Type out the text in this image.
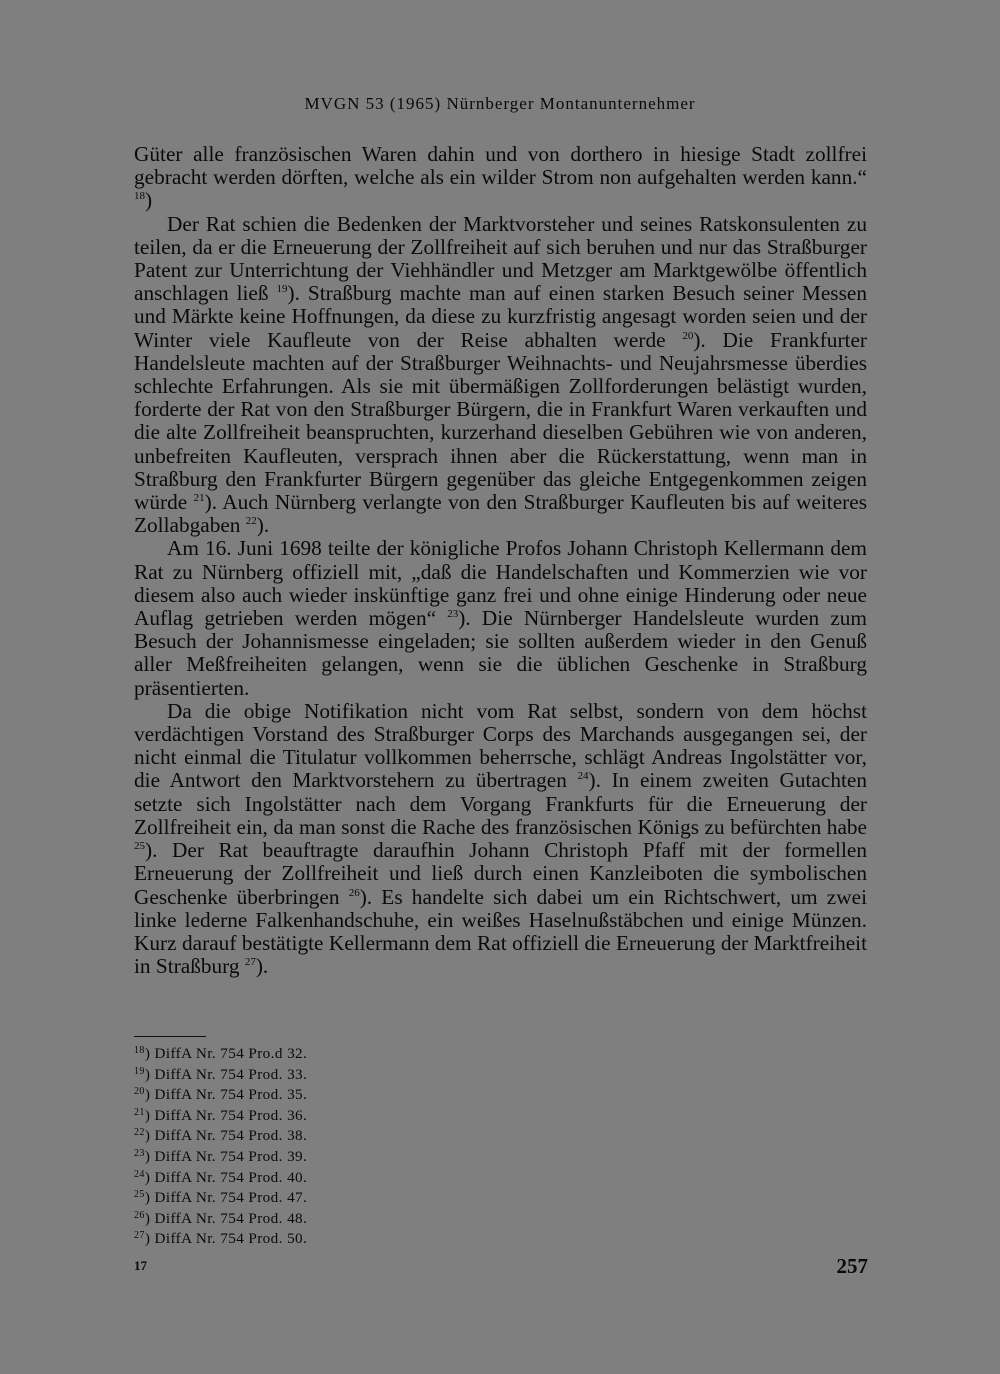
MVGN 53 (1965) Nürnberger Montanunternehmer

Güter alle französischen Waren dahin und von dorthero in hiesige Stadt zollfrei gebracht werden dörften, welche als ein wilder Strom non aufgehalten werden kann.“ $^{18}$)

Der Rat schien die Bedenken der Marktvorsteher und seines Ratskonsulenten zu teilen, da er die Erneuerung der Zollfreiheit auf sich beruhen und nur das Straßburger Patent zur Unterrichtung der Viehhändler und Metzger am Marktgewölbe öffentlich anschlagen ließ $^{19}$). Straßburg machte man auf einen starken Besuch seiner Messen und Märkte keine Hoffnungen, da diese zu kurzfristig angesagt worden seien und der Winter viele Kaufleute von der Reise abhalten werde $^{20}$). Die Frankfurter Handelsleute machten auf der Straßburger Weihnachts- und Neujahrsmesse überdies schlechte Erfahrungen. Als sie mit übermäßigen Zollforderungen belästigt wurden, forderte der Rat von den Straßburger Bürgern, die in Frankfurt Waren verkauften und die alte Zollfreiheit beanspruchten, kurzerhand dieselben Gebühren wie von anderen, unbefreiten Kaufleuten, versprach ihnen aber die Rückerstattung, wenn man in Straßburg den Frankfurter Bürgern gegenüber das gleiche Entgegenkommen zeigen würde $^{21}$). Auch Nürnberg verlangte von den Straßburger Kaufleuten bis auf weiteres Zollabgaben $^{22}$).

Am 16. Juni 1698 teilte der königliche Profos Johann Christoph Kellermann dem Rat zu Nürnberg offiziell mit, „daß die Handelschaften und Kommerzien wie vor diesem also auch wieder inskünftige ganz frei und ohne einige Hinderung oder neue Auflag getrieben werden mögen“ $^{23}$). Die Nürnberger Handelsleute wurden zum Besuch der Johannismesse eingeladen; sie sollten außerdem wieder in den Genuß aller Meßfreiheiten gelangen, wenn sie die üblichen Geschenke in Straßburg präsentierten.

Da die obige Notifikation nicht vom Rat selbst, sondern von dem höchst verdächtigen Vorstand des Straßburger Corps des Marchands ausgegangen sei, der nicht einmal die Titulatur vollkommen beherrsche, schlägt Andreas Ingolstätter vor, die Antwort den Marktvorstehern zu übertragen $^{24}$). In einem zweiten Gutachten setzte sich Ingolstätter nach dem Vorgang Frankfurts für die Erneuerung der Zollfreiheit ein, da man sonst die Rache des französischen Königs zu befürchten habe $^{25}$). Der Rat beauftragte daraufhin Johann Christoph Pfaff mit der formellen Erneuerung der Zollfreiheit und ließ durch einen Kanzleiboten die symbolischen Geschenke überbringen $^{26}$). Es handelte sich dabei um ein Richtschwert, um zwei linke lederne Falkenhandschuhe, ein weißes Haselnußstäbchen und einige Münzen. Kurz darauf bestätigte Kellermann dem Rat offiziell die Erneuerung der Marktfreiheit in Straßburg $^{27}$).

$^{18}$) DiffA Nr. 754 Pro.d 32.
$^{19}$) DiffA Nr. 754 Prod. 33.
$^{20}$) DiffA Nr. 754 Prod. 35.
$^{21}$) DiffA Nr. 754 Prod. 36.
$^{22}$) DiffA Nr. 754 Prod. 38.
$^{23}$) DiffA Nr. 754 Prod. 39.
$^{24}$) DiffA Nr. 754 Prod. 40.
$^{25}$) DiffA Nr. 754 Prod. 47.
$^{26}$) DiffA Nr. 754 Prod. 48.
$^{27}$) DiffA Nr. 754 Prod. 50.
17	257
